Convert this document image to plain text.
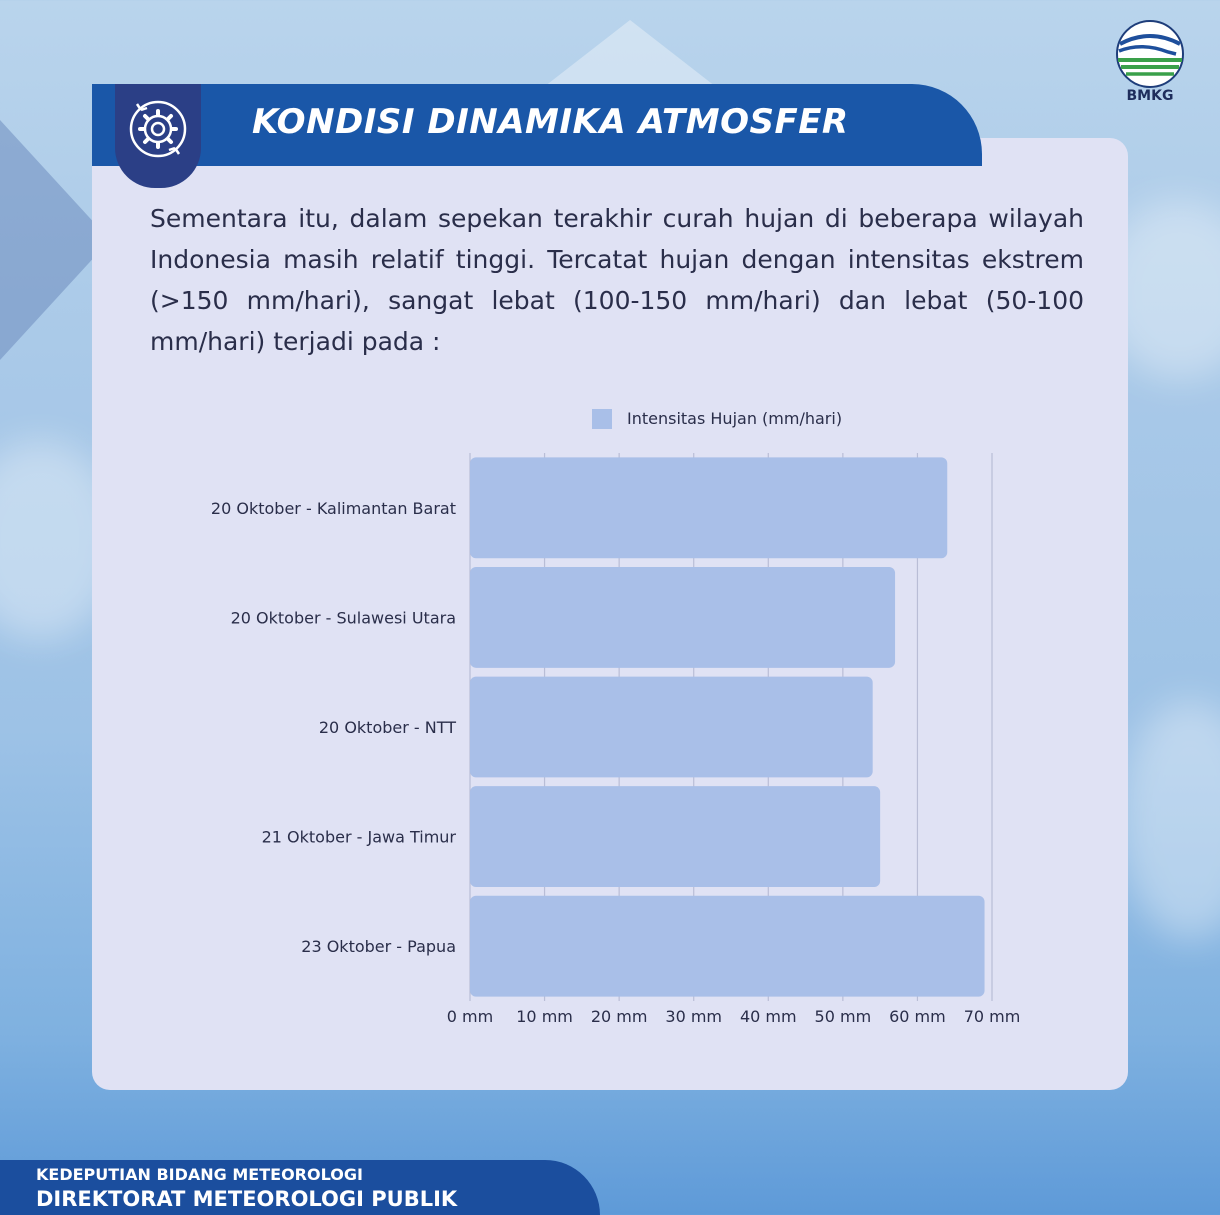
KONDISI DINAMIKA ATMOSFER
BMKG
Sementara itu, dalam sepekan terakhir curah hujan di beberapa wilayah Indonesia masih relatif tinggi. Tercatat hujan dengan intensitas ekstrem (>150 mm/hari), sangat lebat (100-150 mm/hari) dan lebat (50-100 mm/hari) terjadi pada :
20 Oktober - Kalimantan Barat
20 Oktober - Sulawesi Utara
20 Oktober - NTT
21 Oktober - Jawa Timur
23 Oktober - Papua
0 mm 10 mm 20 mm 30 mm 40 mm 50 mm 60 mm 70 mm
Intensitas Hujan (mm/hari)
KEDEPUTIAN BIDANG METEOROLOGI
DIREKTORAT METEOROLOGI PUBLIK
